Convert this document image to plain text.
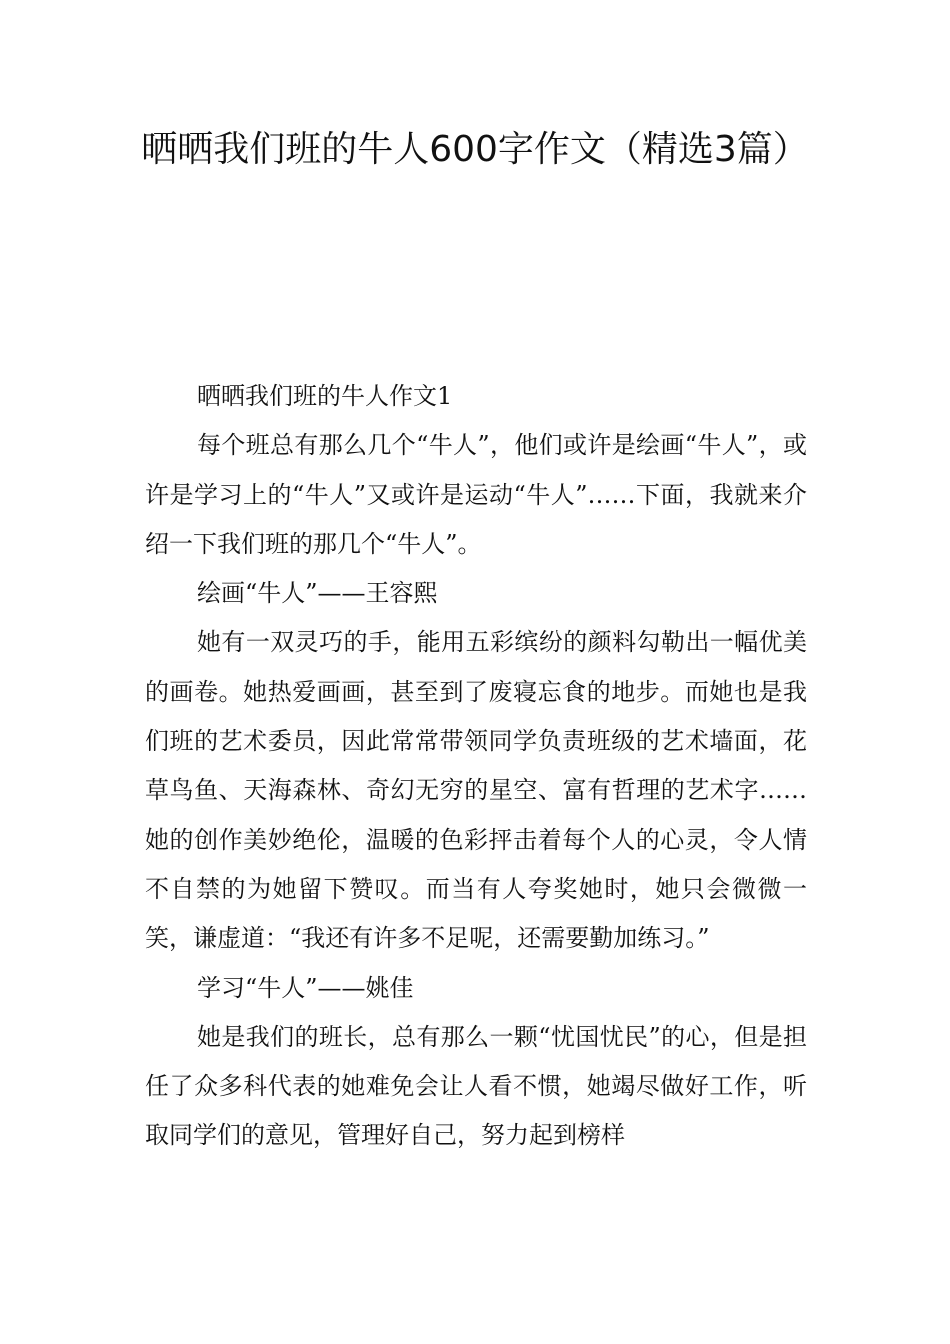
晒晒我们班的牛人600字作文（精选3篇）

晒晒我们班的牛人作文1

每个班总有那么几个“牛人”，他们或许是绘画“牛人”，或许是学习上的“牛人”又或许是运动“牛人”……下面，我就来介绍一下我们班的那几个“牛人”。

绘画“牛人”——王容熙

她有一双灵巧的手，能用五彩缤纷的颜料勾勒出一幅优美的画卷。她热爱画画，甚至到了废寝忘食的地步。而她也是我们班的艺术委员，因此常常带领同学负责班级的艺术墙面，花草鸟鱼、天海森林、奇幻无穷的星空、富有哲理的艺术字……她的创作美妙绝伦，温暖的色彩抨击着每个人的心灵，令人情不自禁的为她留下赞叹。而当有人夸奖她时，她只会微微一笑，谦虚道：“我还有许多不足呢，还需要勤加练习。”

学习“牛人”——姚佳

她是我们的班长，总有那么一颗“忧国忧民”的心，但是担任了众多科代表的她难免会让人看不惯，她竭尽做好工作，听取同学们的意见，管理好自己，努力起到榜样
